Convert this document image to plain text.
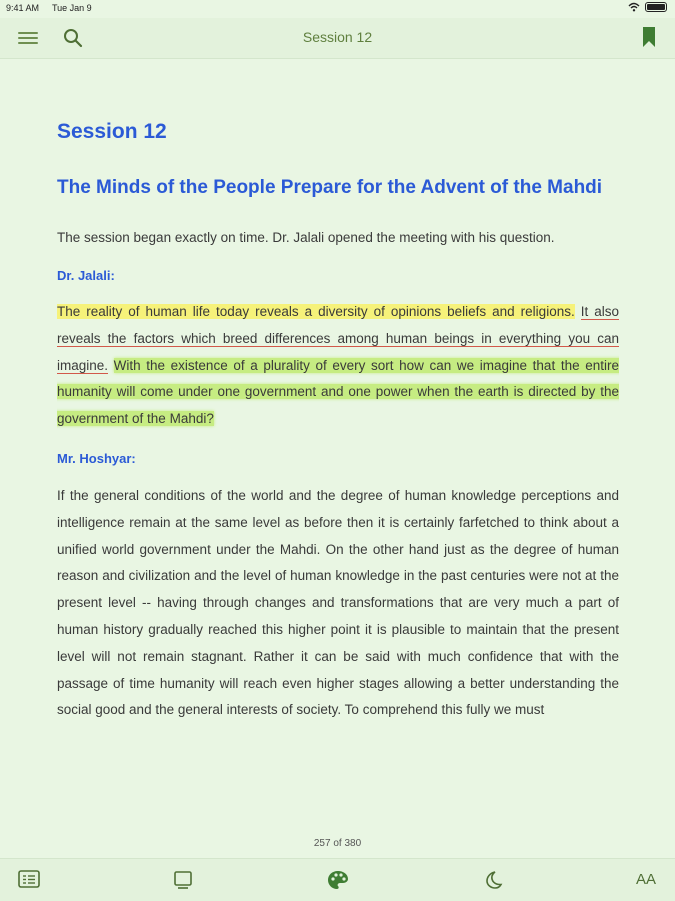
9:41 AM Tue Jan 9
Session 12
Session 12
The Minds of the People Prepare for the Advent of the Mahdi

The session began exactly on time. Dr. Jalali opened the meeting with his question.

Dr. Jalali:

The reality of human life today reveals a diversity of opinions beliefs and religions. It also reveals the factors which breed differences among human beings in everything you can imagine. With the existence of a plurality of every sort how can we imagine that the entire humanity will come under one government and one power when the earth is directed by the government of the Mahdi?

Mr. Hoshyar:

If the general conditions of the world and the degree of human knowledge perceptions and intelligence remain at the same level as before then it is certainly farfetched to think about a unified world government under the Mahdi. On the other hand just as the degree of human reason and civilization and the level of human knowledge in the past centuries were not at the present level -- having through changes and transformations that are very much a part of human history gradually reached this higher point it is plausible to maintain that the present level will not remain stagnant. Rather it can be said with much confidence that with the passage of time humanity will reach even higher stages allowing a better understanding the social good and the general interests of society. To comprehend this fully we must

257 of 380
AA
